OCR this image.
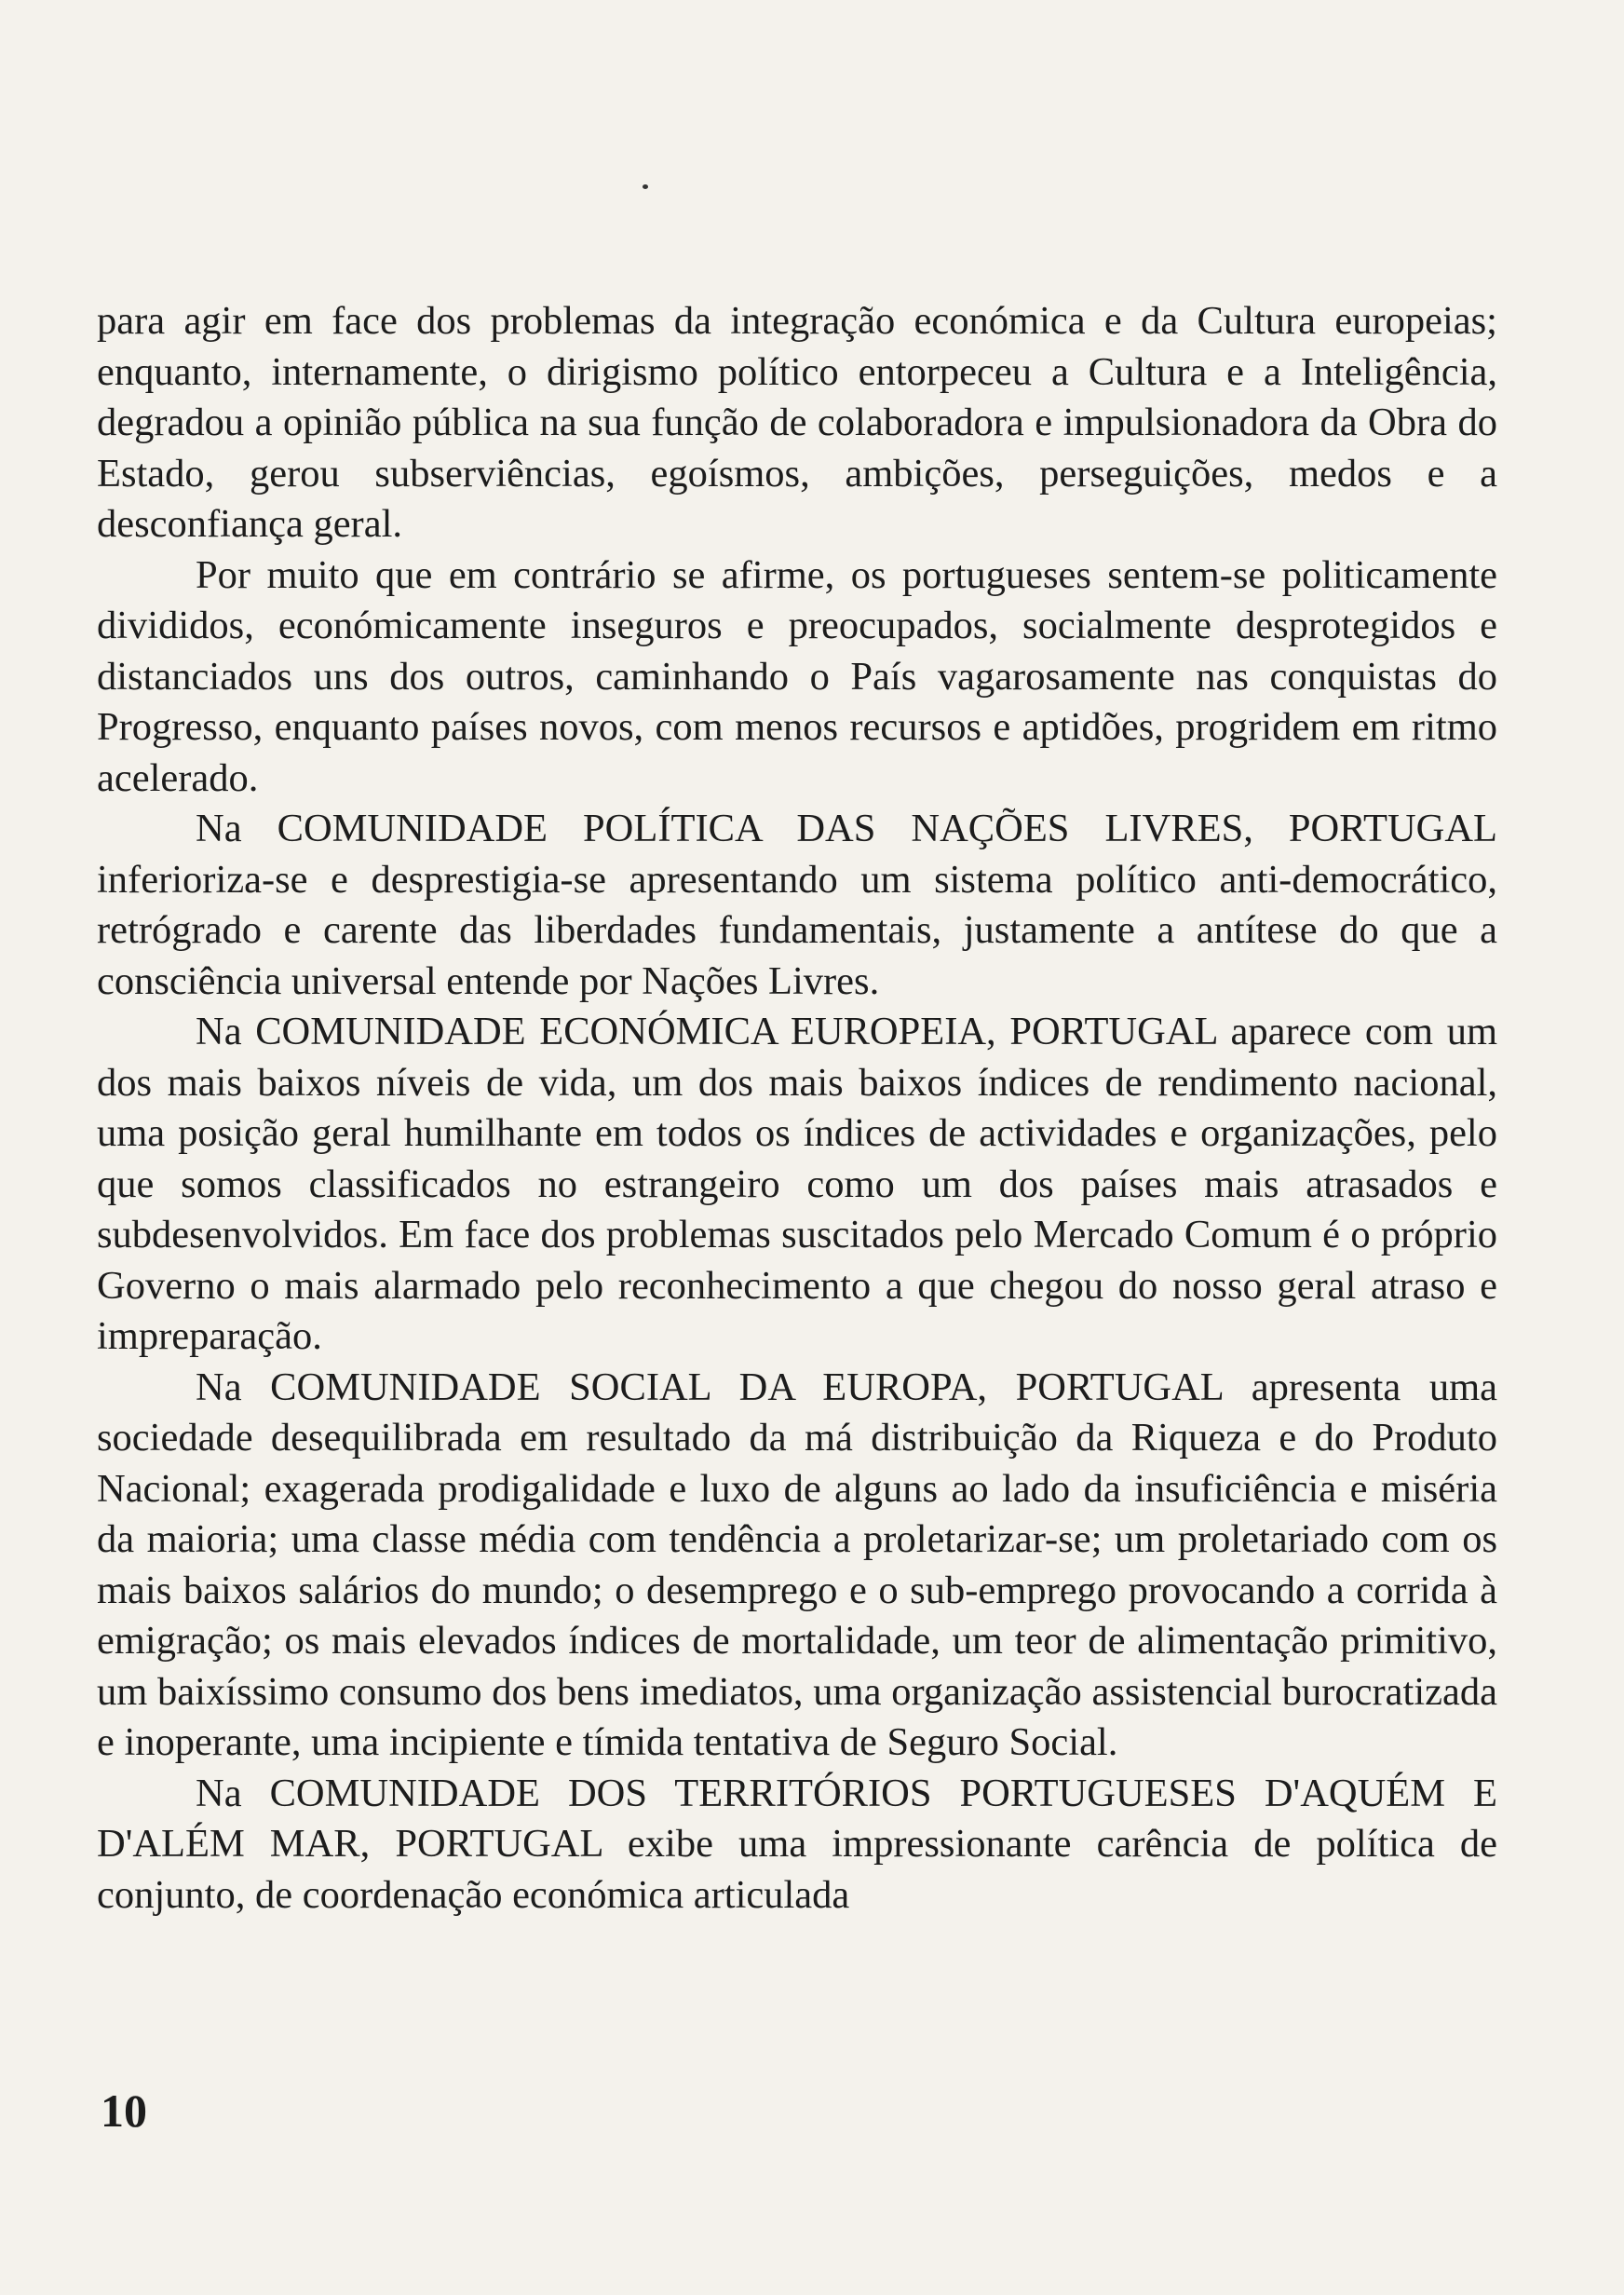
para agir em face dos problemas da integração económica e da Cultura europeias; enquanto, internamente, o dirigismo político entorpeceu a Cultura e a Inteligência, degradou a opinião pública na sua função de colaboradora e impulsionadora da Obra do Estado, gerou subserviências, egoísmos, ambições, perseguições, medos e a desconfiança geral.

Por muito que em contrário se afirme, os portugueses sentem-se politicamente divididos, económicamente inseguros e preocupados, socialmente desprotegidos e distanciados uns dos outros, caminhando o País vagarosamente nas conquistas do Progresso, enquanto países novos, com menos recursos e aptidões, progridem em ritmo acelerado.

Na COMUNIDADE POLÍTICA DAS NAÇÕES LIVRES, PORTUGAL inferioriza-se e desprestigia-se apresentando um sistema político anti-democrático, retrógrado e carente das liberdades fundamentais, justamente a antítese do que a consciência universal entende por Nações Livres.

Na COMUNIDADE ECONÓMICA EUROPEIA, PORTUGAL aparece com um dos mais baixos níveis de vida, um dos mais baixos índices de rendimento nacional, uma posição geral humilhante em todos os índices de actividades e organizações, pelo que somos classificados no estrangeiro como um dos países mais atrasados e subdesenvolvidos. Em face dos problemas suscitados pelo Mercado Comum é o próprio Governo o mais alarmado pelo reconhecimento a que chegou do nosso geral atraso e impreparação.

Na COMUNIDADE SOCIAL DA EUROPA, PORTUGAL apresenta uma sociedade desequilibrada em resultado da má distribuição da Riqueza e do Produto Nacional; exagerada prodigalidade e luxo de alguns ao lado da insuficiência e miséria da maioria; uma classe média com tendência a proletarizar-se; um proletariado com os mais baixos salários do mundo; o desemprego e o sub-emprego provocando a corrida à emigração; os mais elevados índices de mortalidade, um teor de alimentação primitivo, um baixíssimo consumo dos bens imediatos, uma organização assistencial burocratizada e inoperante, uma incipiente e tímida tentativa de Seguro Social.

Na COMUNIDADE DOS TERRITÓRIOS PORTUGUESES D'AQUÉM E D'ALÉM MAR, PORTUGAL exibe uma impressionante carência de política de conjunto, de coordenação económica articulada

10
